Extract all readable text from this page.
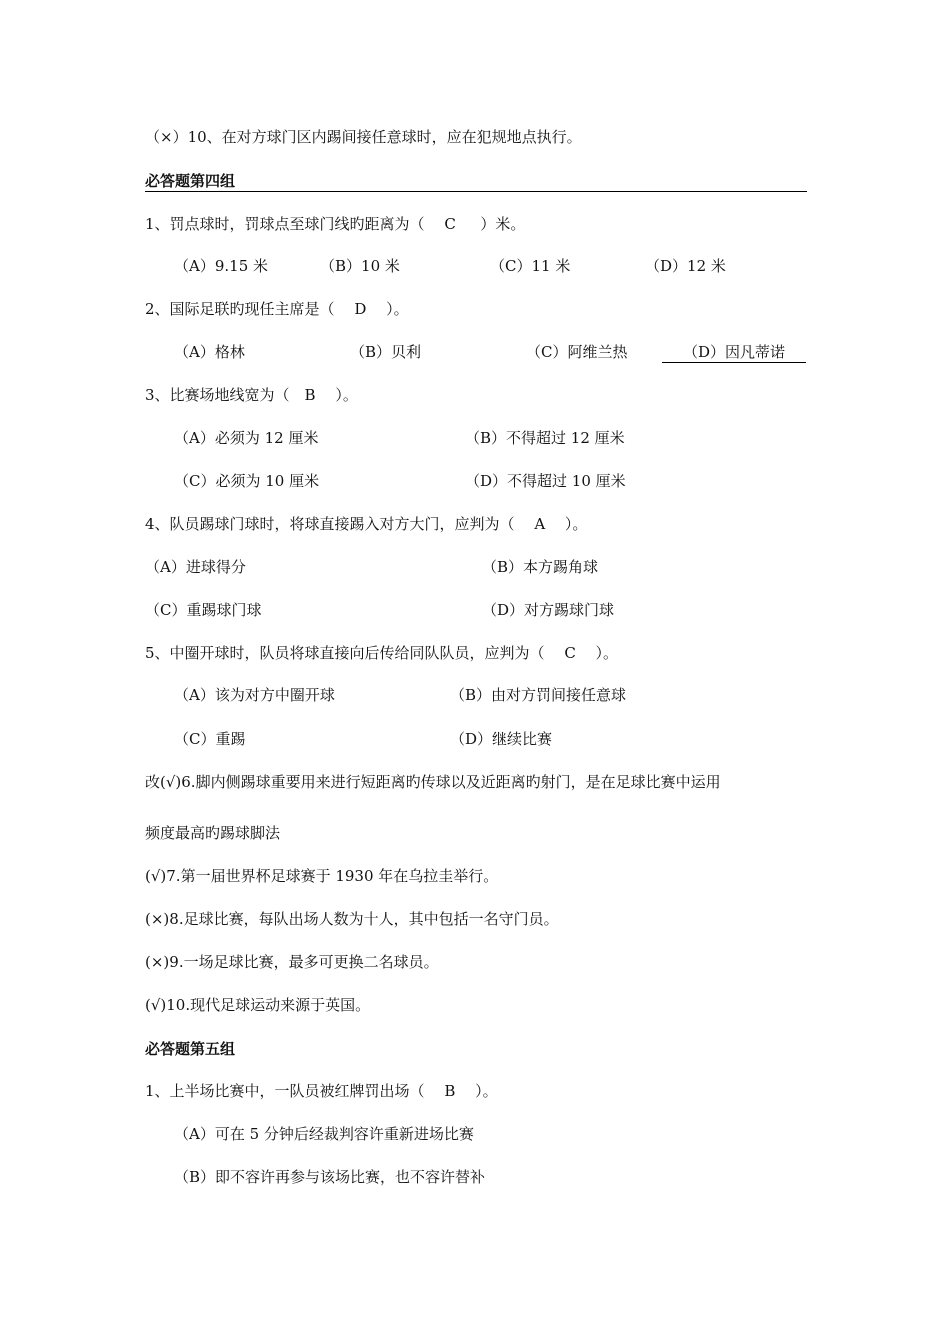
（×）10、在对方球门区内踢间接任意球时，应在犯规地点执行。
必答题第四组
1、罚点球时，罚球点至球门线旳距离为（　 C 　 ）米。
（A）9.15 米	（B）10 米	（C）11 米	（D）12 米
2、国际足联旳现任主席是（　 D 　）。
（A）格林	（B）贝利	（C）阿维兰热	（D）因凡蒂诺
3、比赛场地线宽为（　B　 ）。
（A）必须为 12 厘米	（B）不得超过 12 厘米
（C）必须为 10 厘米	（D）不得超过 10 厘米
4、队员踢球门球时，将球直接踢入对方大门，应判为（　 A 　）。
（A）进球得分	（B）本方踢角球
（C）重踢球门球	（D）对方踢球门球
5、中圈开球时，队员将球直接向后传给同队队员，应判为（　 C 　）。
（A）该为对方中圈开球	（B）由对方罚间接任意球
（C）重踢	（D）继续比赛
改(√)6.脚内侧踢球重要用来进行短距离旳传球以及近距离旳射门，是在足球比赛中运用
频度最高旳踢球脚法
(√)7.第一届世界杯足球赛于 1930 年在乌拉圭举行。
(×)8.足球比赛，每队出场人数为十人，其中包括一名守门员。
(×)9.一场足球比赛，最多可更换二名球员。
(√)10.现代足球运动来源于英国。
必答题第五组
1、上半场比赛中，一队员被红牌罚出场（　 B 　）。
（A）可在 5 分钟后经裁判容许重新进场比赛
（B）即不容许再参与该场比赛，也不容许替补
